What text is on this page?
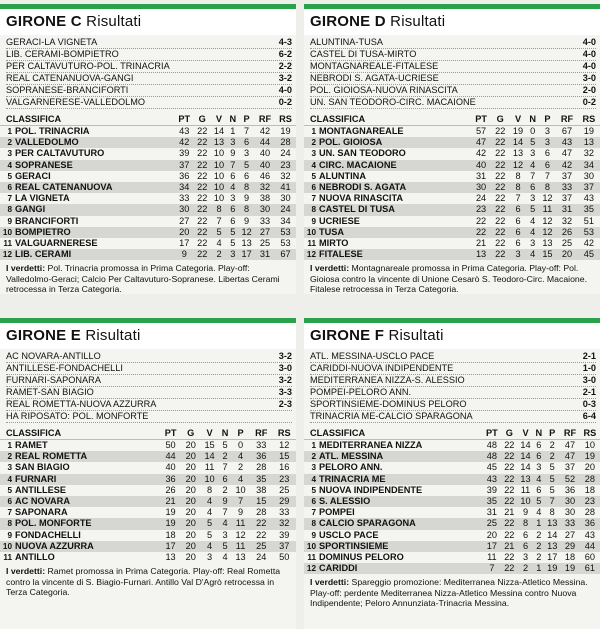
GIRONE C Risultati
GERACI-LA VIGNETA	4-3
LIB. CERAMI-BOMPIETRO	6-2
PER CALTAVUTURO-POL. TRINACRIA	2-2
REAL CATENANUOVA-GANGI	3-2
SOPRANESE-BRANCIFORTI	4-0
VALGARNERESE-VALLEDOLMO	0-2
CLASSIFICA		PT	G	V	N	P	RF	RS
1	POL. TRINACRIA	43	22	14	1	7	42	19
2	VALLEDOLMO	42	22	13	3	6	44	28
3	PER CALTAVUTURO	39	22	10	9	3	40	24
4	SOPRANESE	37	22	10	7	5	40	23
5	GERACI	36	22	10	6	6	46	32
6	REAL CATENANUOVA	34	22	10	4	8	32	41
7	LA VIGNETA	33	22	10	3	9	38	30
8	GANGI	30	22	8	6	8	30	24
9	BRANCIFORTI	27	22	7	6	9	33	34
10	BOMPIETRO	20	22	5	5	12	27	53
11	VALGUARNERESE	17	22	4	5	13	25	53
12	LIB. CERAMI	9	22	2	3	17	31	67
I verdetti: Pol. Trinacria promossa in Prima Categoria. Play-off: Valledolmo-Geraci; Calcio Per Caltavuturo-Sopranese. Libertas Cerami retrocessa in Terza Categoria.
GIRONE D Risultati
ALUNTINA-TUSA	4-0
CASTEL DI TUSA-MIRTO	4-0
MONTAGNAREALE-FITALESE	4-0
NEBRODI S. AGATA-UCRIESE	3-0
POL. GIOIOSA-NUOVA RINASCITA	2-0
UN. SAN TEODORO-CIRC. MACAIONE	0-2
CLASSIFICA		PT	G	V	N	P	RF	RS
1	MONTAGNAREALE	57	22	19	0	3	67	19
2	POL. GIOIOSA	47	22	14	5	3	43	13
3	UN. SAN TEODORO	42	22	13	3	6	47	32
4	CIRC. MACAIONE	40	22	12	4	6	42	34
5	ALUNTINA	31	22	8	7	7	37	30
6	NEBRODI S. AGATA	30	22	8	6	8	33	37
7	NUOVA RINASCITA	24	22	7	3	12	37	43
8	CASTEL DI TUSA	23	22	6	5	11	31	35
9	UCRIESE	22	22	6	4	12	32	51
10	TUSA	22	22	6	4	12	26	53
11	MIRTO	21	22	6	3	13	25	42
12	FITALESE	13	22	3	4	15	20	45
I verdetti: Montagnareale promossa in Prima Categoria. Play-off: Pol. Gioiosa contro la vincente di Unione Cesarò S. Teodoro-Circ. Macaione. Fitalese retrocessa in Terza Categoria.
GIRONE E Risultati
AC NOVARA-ANTILLO	3-2
ANTILLESE-FONDACHELLI	3-0
FURNARI-SAPONARA	3-2
RAMET-SAN BIAGIO	3-3
REAL ROMETTA-NUOVA AZZURRA	2-3
HA RIPOSATO: POL. MONFORTE
CLASSIFICA		PT	G	V	N	P	RF	RS
1	RAMET	50	20	15	5	0	33	12
2	REAL ROMETTA	44	20	14	2	4	36	15
3	SAN BIAGIO	40	20	11	7	2	28	16
4	FURNARI	36	20	10	6	4	35	23
5	ANTILLESE	26	20	8	2	10	38	25
6	AC NOVARA	21	20	4	9	7	15	29
7	SAPONARA	19	20	4	7	9	28	33
8	POL. MONFORTE	19	20	5	4	11	22	32
9	FONDACHELLI	18	20	5	3	12	22	39
10	NUOVA AZZURRA	17	20	4	5	11	25	37
11	ANTILLO	13	20	3	4	13	24	50
I verdetti: Ramet promossa in Prima Categoria. Play-off: Real Rometta contro la vincente di S. Biagio-Furnari. Antillo Val D'Agrò retrocessa in Terza Categoria.
GIRONE F Risultati
ATL. MESSINA-USCLO PACE	2-1
CARIDDI-NUOVA INDIPENDENTE	1-0
MEDITERRANEA NIZZA-S. ALESSIO	3-0
POMPEI-PELORO ANN.	2-1
SPORTINSIEME-DOMINUS PELORO	0-3
TRINACRIA ME-CALCIO SPARAGONA	6-4
CLASSIFICA		PT	G	V	N	P	RF	RS
1	MEDITERRANEA NIZZA	48	22	14	6	2	47	10
2	ATL. MESSINA	48	22	14	6	2	47	19
3	PELORO ANN.	45	22	14	3	5	37	20
4	TRINACRIA ME	43	22	13	4	5	52	28
5	NUOVA INDIPENDENTE	39	22	11	6	5	36	18
6	S. ALESSIO	35	22	10	5	7	30	23
7	POMPEI	31	21	9	4	8	30	28
8	CALCIO SPARAGONA	25	22	8	1	13	33	36
9	USCLO PACE	20	22	6	2	14	27	43
10	SPORTINSIEME	17	21	6	2	13	29	44
11	DOMINUS PELORO	11	22	3	2	17	18	60
12	CARIDDI	7	22	2	1	19	19	61
I verdetti: Spareggio promozione: Mediterranea Nizza-Atletico Messina. Play-off: perdente Mediterranea Nizza-Atletico Messina contro Nuova Indipendente; Peloro Annunziata-Trinacria Messina.
